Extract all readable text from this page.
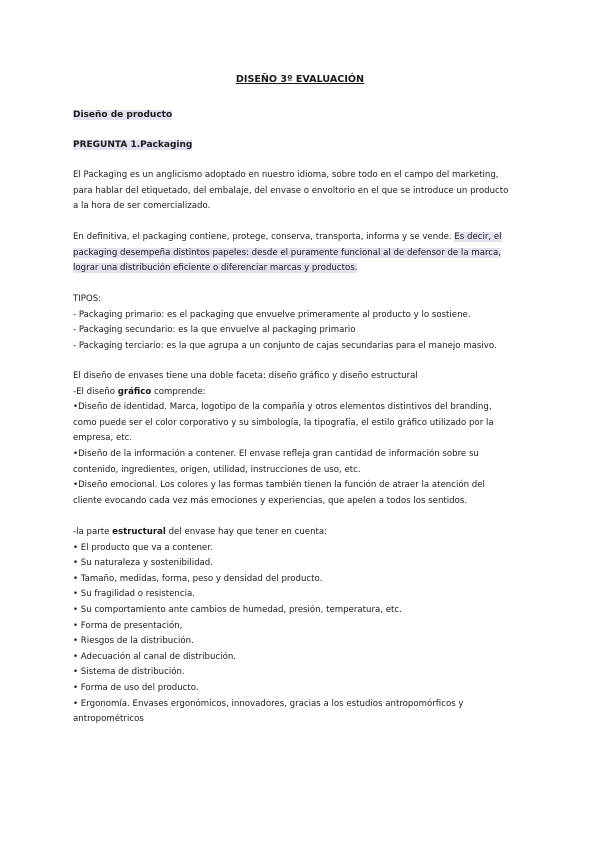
DISEÑO 3º EVALUACIÓN
Diseño de producto
PREGUNTA 1.Packaging

El Packaging es un anglicismo adoptado en nuestro idioma, sobre todo en el campo del marketing,

para hablar del etiquetado, del embalaje, del envase o envoltorio en el que se introduce un producto

a la hora de ser comercializado.

En definitiva, el packaging contiene, protege, conserva, transporta, informa y se vende. Es decir, el

packaging desempeña distintos papeles: desde el puramente funcional al de defensor de la marca,

lograr una distribución eficiente o diferenciar marcas y productos.

TIPOS:

- Packaging primario: es el packaging que envuelve primeramente al producto y lo sostiene.

- Packaging secundario: es la que envuelve al packaging primario

- Packaging terciario: es la que agrupa a un conjunto de cajas secundarias para el manejo masivo.

El diseño de envases tiene una doble faceta: diseño gráfico y diseño estructural

-El diseño gráfico comprende:

•Diseño de identidad. Marca, logotipo de la compañía y otros elementos distintivos del branding,

como puede ser el color corporativo y su simbología, la tipografía, el estilo gráfico utilizado por la

empresa, etc.

•Diseño de la información a contener. El envase refleja gran cantidad de información sobre su

contenido, ingredientes, origen, utilidad, instrucciones de uso, etc.

•Diseño emocional. Los colores y las formas también tienen la función de atraer la atención del

cliente evocando cada vez más emociones y experiencias, que apelen a todos los sentidos.

-la parte estructural del envase hay que tener en cuenta:

• El producto que va a contener.

• Su naturaleza y sostenibilidad.

• Tamaño, medidas, forma, peso y densidad del producto.

• Su fragilidad o resistencia.

• Su comportamiento ante cambios de humedad, presión, temperatura, etc.

• Forma de presentación,

• Riesgos de la distribución.

• Adecuación al canal de distribución.

• Sistema de distribución.

• Forma de uso del producto.

• Ergonomía. Envases ergonómicos, innovadores, gracias a los estudios antropomórficos y

antropométricos
